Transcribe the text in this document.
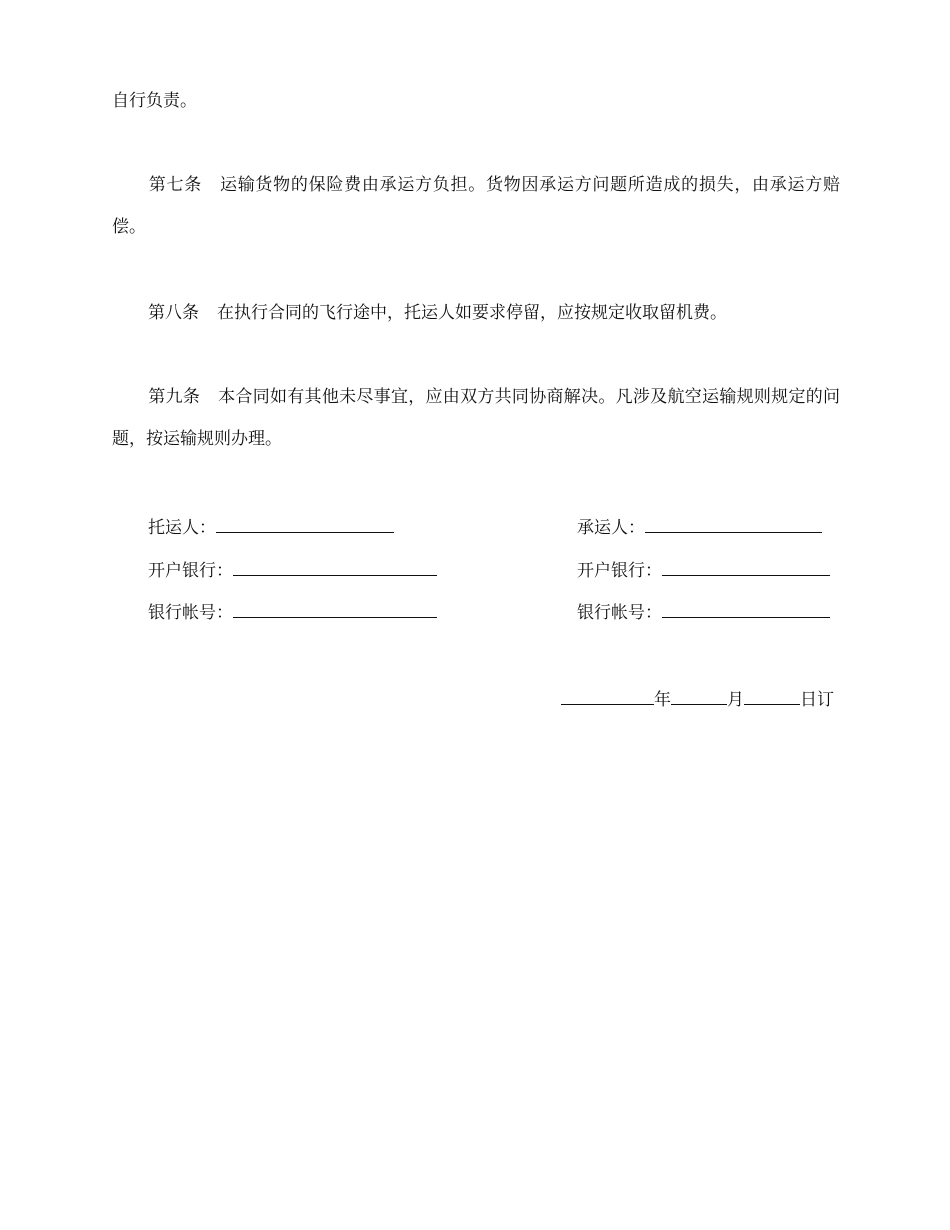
自行负责。

第七条 运输货物的保险费由承运方负担。货物因承运方问题所造成的损失，由承运方赔偿。

第八条 在执行合同的飞行途中，托运人如要求停留，应按规定收取留机费。

第九条 本合同如有其他未尽事宜，应由双方共同协商解决。凡涉及航空运输规则规定的问题，按运输规则办理。

托运人：
开户银行：
银行帐号：
承运人：
开户银行：
银行帐号：
年	月	日订
